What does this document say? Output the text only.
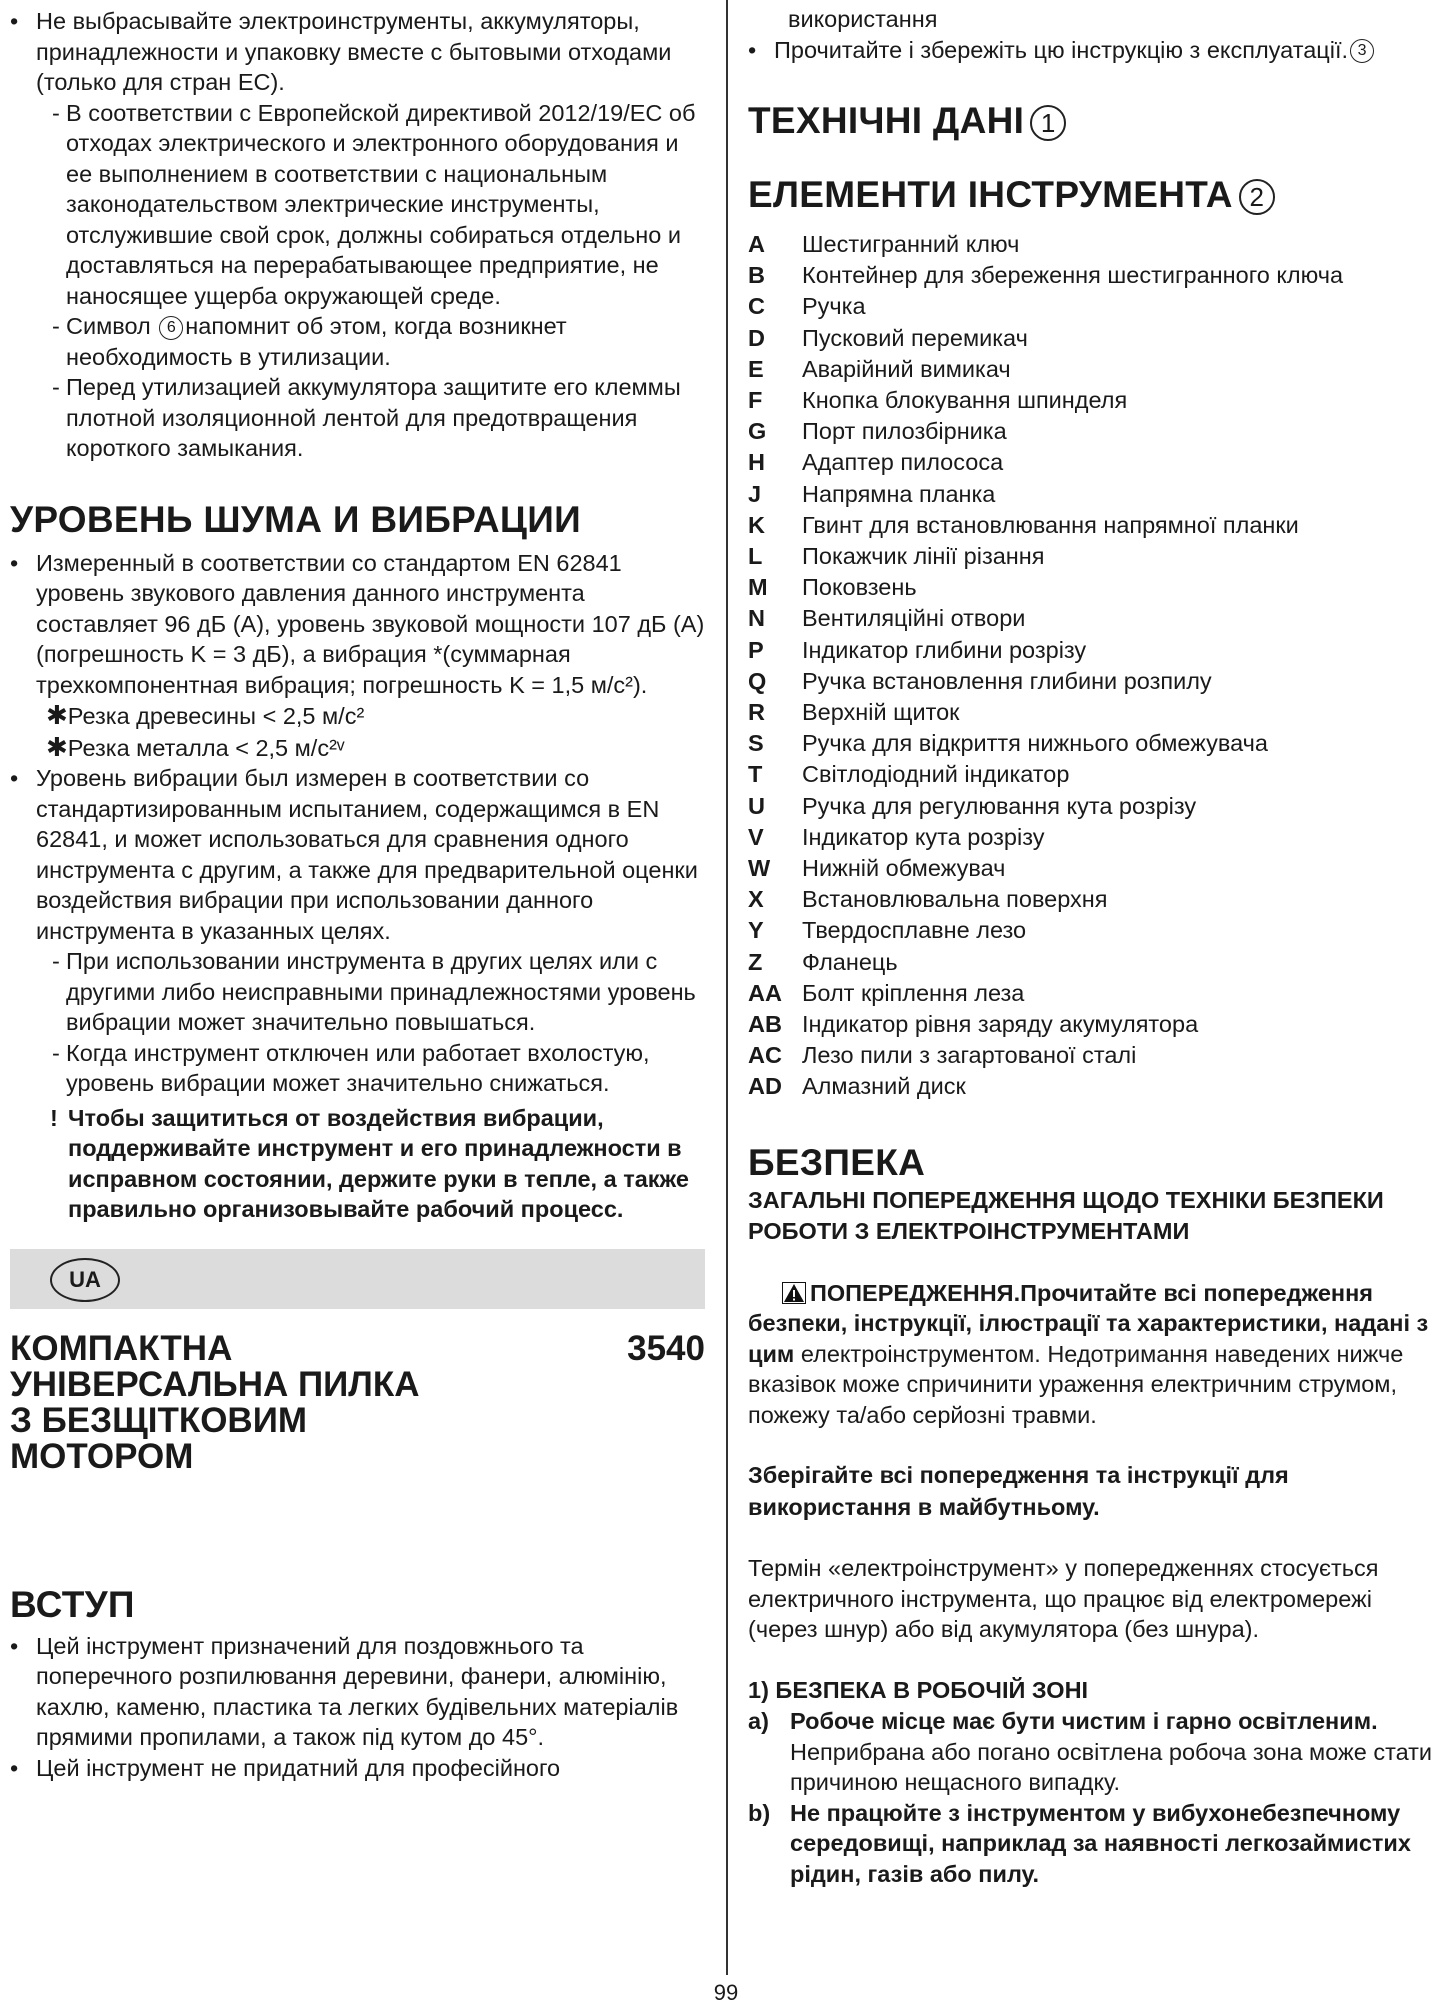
• Не выбрасывайте электроинструменты, аккумуляторы, принадлежности и упаковку вместе с бытовыми отходами (только для стран ЕС).

- В соответствии с Европейской директивой 2012/19/ЕС об отходах электрического и электронного оборудования и ее выполнением в соответствии с национальным законодательством электрические инструменты, отслужившие свой срок, должны собираться отдельно и доставляться на перерабатывающее предприятие, не наносящее ущерба окружающей среде.

- Символ 6 напомнит об этом, когда возникнет необходимость в утилизации.

- Перед утилизацией аккумулятора защитите его клеммы плотной изоляционной лентой для предотвращения короткого замыкания.

УРОВЕНЬ ШУМА И ВИБРАЦИИ

• Измеренный в соответствии со стандартом EN 62841 уровень звукового давления данного инструмента составляет 96 дБ (A), уровень звуковой мощности 107 дБ (A) (погрешность K = 3 дБ), а вибрация *(суммарная трехкомпонентная вибрация; погрешность K = 1,5 м/с²).

✱Резка древесины < 2,5 м/с²

✱Резка металла < 2,5 м/с²ᵛ

• Уровень вибрации был измерен в соответствии со стандартизированным испытанием, содержащимся в EN 62841, и может использоваться для сравнения одного инструмента с другим, а также для предварительной оценки воздействия вибрации при использовании данного инструмента в указанных целях.

- При использовании инструмента в других целях или с другими либо неисправными принадлежностями уровень вибрации может значительно повышаться.

- Когда инструмент отключен или работает вхолостую, уровень вибрации может значительно снижаться.

! Чтобы защититься от воздействия вибрации, поддерживайте инструмент и его принадлежности в исправном состоянии, держите руки в тепле, а также правильно организовывайте рабочий процесс.

UA
КОМПАКТНА
УНІВЕРСАЛЬНА ПИЛКА
З БЕЗЩІТКОВИМ
МОТОРОМ
3540
ВСТУП

• Цей інструмент призначений для поздовжнього та поперечного розпилювання деревини, фанери, алюмінію, кахлю, каменю, пластика та легких будівельних матеріалів прямими пропилами, а також під кутом до 45°.

• Цей інструмент не придатний для професійного

використання

• Прочитайте і збережіть цю інструкцію з експлуатації. 3

ТЕХНІЧНІ ДАНІ 1
ЕЛЕМЕНТИ ІНСТРУМЕНТА 2
A	Шестигранний ключ
B	Контейнер для збереження шестигранного ключа
C	Ручка
D	Пусковий перемикач
E	Аварійний вимикач
F	Кнопка блокування шпинделя
G	Порт пилозбірника
H	Адаптер пилососа
J	Напрямна планка
K	Гвинт для встановлювання напрямної планки
L	Покажчик лінії різання
M	Поковзень
N	Вентиляційні отвори
P	Індикатор глибини розрізу
Q	Ручка встановлення глибини розпилу
R	Верхній щиток
S	Ручка для відкриття нижнього обмежувача
T	Світлодіодний індикатор
U	Ручка для регулювання кута розрізу
V	Індикатор кута розрізу
W	Нижній обмежувач
X	Встановлювальна поверхня
Y	Твердосплавне лезо
Z	Фланець
AA Болт кріплення леза
AB Індикатор рівня заряду акумулятора
AC Лезо пили з загартованої сталі
AD Алмазний диск
БЕЗПЕКА

ЗАГАЛЬНІ ПОПЕРЕДЖЕННЯ ЩОДО ТЕХНІКИ БЕЗПЕКИ РОБОТИ З ЕЛЕКТРОІНСТРУМЕНТАМИ

ПОПЕРЕДЖЕННЯ.Прочитайте всі попередження безпеки, інструкції, ілюстрації та характеристики, надані з цим електроінструментом. Недотримання наведених нижче вказівок може спричинити ураження електричним струмом, пожежу та/або серйозні травми.

Зберігайте всі попередження та інструкції для використання в майбутньому.

Термін «електроінструмент» у попередженнях стосується електричного інструмента, що працює від електромережі (через шнур) або від акумулятора (без шнура).

1) БЕЗПЕКА В РОБОЧІЙ ЗОНІ

a) Робоче місце має бути чистим і гарно освітленим. Неприбрана або погано освітлена робоча зона може стати причиною нещасного випадку.

b) Не працюйте з інструментом у вибухонебезпечному середовищі, наприклад за наявності легкозаймистих рідин, газів або пилу.

99
